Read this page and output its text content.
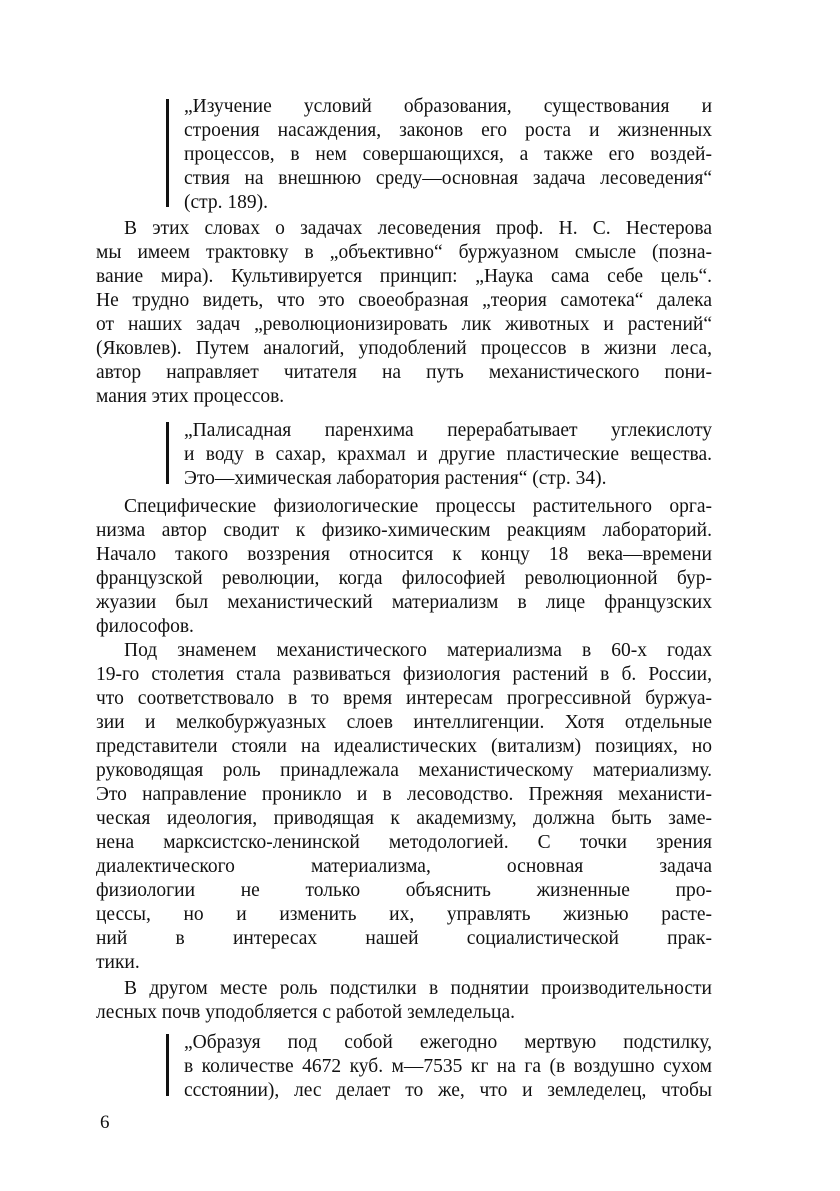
„Изучение условий образования, существования и
строения насаждения, законов его роста и жизненных
процессов, в нем совершающихся, а также его воздей-
ствия на внешнюю среду—основная задача лесоведения“
(стр. 189).
В этих словах о задачах лесоведения проф. Н. С. Нестерова
мы имеем трактовку в „объективно“ буржуазном смысле (позна-
вание мира). Культивируется принцип: „Наука сама себе цель“.
Не трудно видеть, что это своеобразная „теория самотека“ далека
от наших задач „революционизировать лик животных и растений“
(Яковлев). Путем аналогий, уподоблений процессов в жизни леса,
автор направляет читателя на путь механистического пони-
мания этих процессов.
„Палисадная паренхима перерабатывает углекислоту
и воду в сахар, крахмал и другие пластические вещества.
Это—химическая лаборатория растения“ (стр. 34).
Специфические физиологические процессы растительного орга-
низма автор сводит к физико-химическим реакциям лабораторий.
Начало такого воззрения относится к концу 18 века—времени
французской революции, когда философией революционной бур-
жуазии был механистический материализм в лице французских
философов.
Под знаменем механистического материализма в 60-х годах
19-го столетия стала развиваться физиология растений в б. России,
что соответствовало в то время интересам прогрессивной буржуа-
зии и мелкобуржуазных слоев интеллигенции. Хотя отдельные
представители стояли на идеалистических (витализм) позициях, но
руководящая роль принадлежала механистическому материализму.
Это направление проникло и в лесоводство. Прежняя механисти-
ческая идеология, приводящая к академизму, должна быть заме-
нена марксистско-ленинской методологией. С точки зрения
диалектического материализма, основная задача
физиологии не только объяснить жизненные про-
цессы, но и изменить их, управлять жизнью расте-
ний в интересах нашей социалистической прак-
тики.
В другом месте роль подстилки в поднятии производительности
лесных почв уподобляется с работой земледельца.
„Образуя под собой ежегодно мертвую подстилку,
в количестве 4672 куб. м—7535 кг на га (в воздушно сухом
ссстоянии), лес делает то же, что и земледелец, чтобы
6
